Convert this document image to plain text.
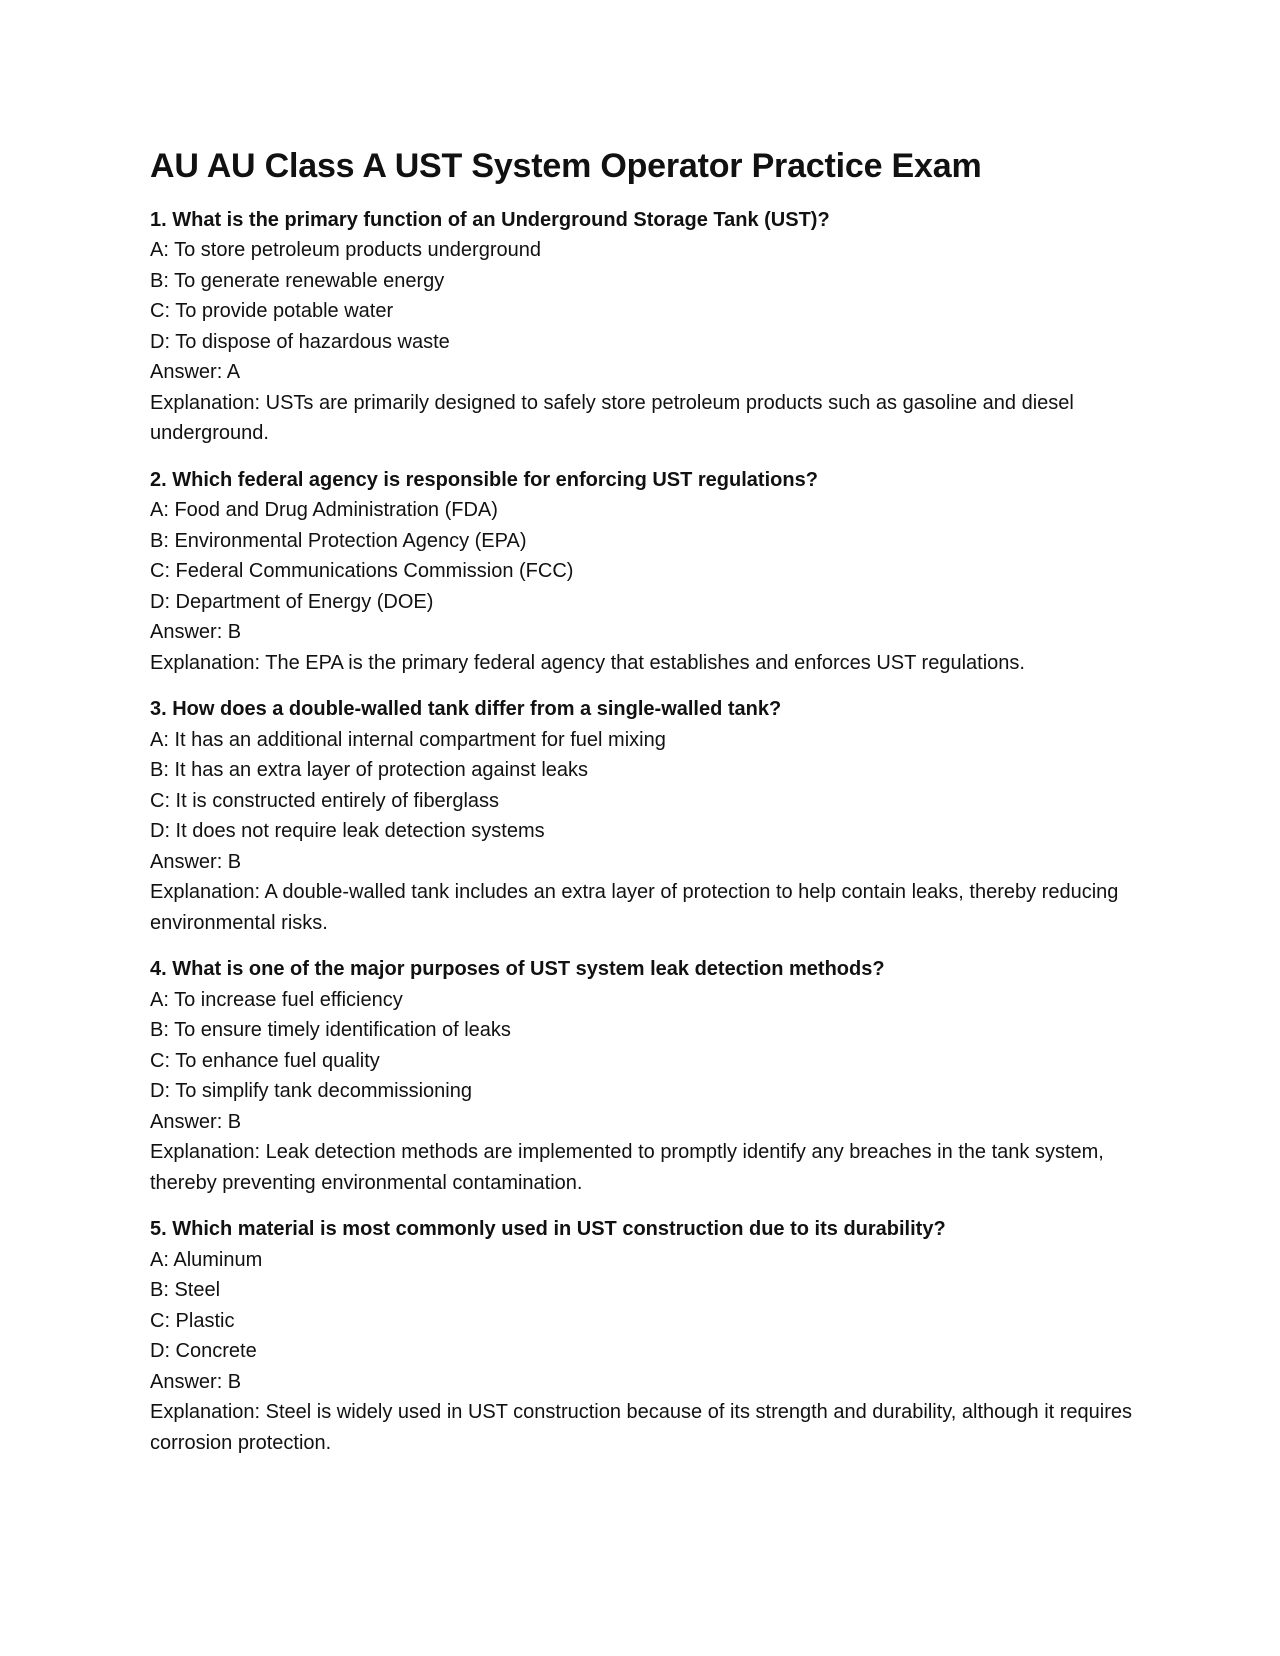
AU AU Class A UST System Operator Practice Exam
1. What is the primary function of an Underground Storage Tank (UST)?
A: To store petroleum products underground
B: To generate renewable energy
C: To provide potable water
D: To dispose of hazardous waste
Answer: A
Explanation: USTs are primarily designed to safely store petroleum products such as gasoline and diesel underground.
2. Which federal agency is responsible for enforcing UST regulations?
A: Food and Drug Administration (FDA)
B: Environmental Protection Agency (EPA)
C: Federal Communications Commission (FCC)
D: Department of Energy (DOE)
Answer: B
Explanation: The EPA is the primary federal agency that establishes and enforces UST regulations.
3. How does a double-walled tank differ from a single-walled tank?
A: It has an additional internal compartment for fuel mixing
B: It has an extra layer of protection against leaks
C: It is constructed entirely of fiberglass
D: It does not require leak detection systems
Answer: B
Explanation: A double-walled tank includes an extra layer of protection to help contain leaks, thereby reducing environmental risks.
4. What is one of the major purposes of UST system leak detection methods?
A: To increase fuel efficiency
B: To ensure timely identification of leaks
C: To enhance fuel quality
D: To simplify tank decommissioning
Answer: B
Explanation: Leak detection methods are implemented to promptly identify any breaches in the tank system, thereby preventing environmental contamination.
5. Which material is most commonly used in UST construction due to its durability?
A: Aluminum
B: Steel
C: Plastic
D: Concrete
Answer: B
Explanation: Steel is widely used in UST construction because of its strength and durability, although it requires corrosion protection.
